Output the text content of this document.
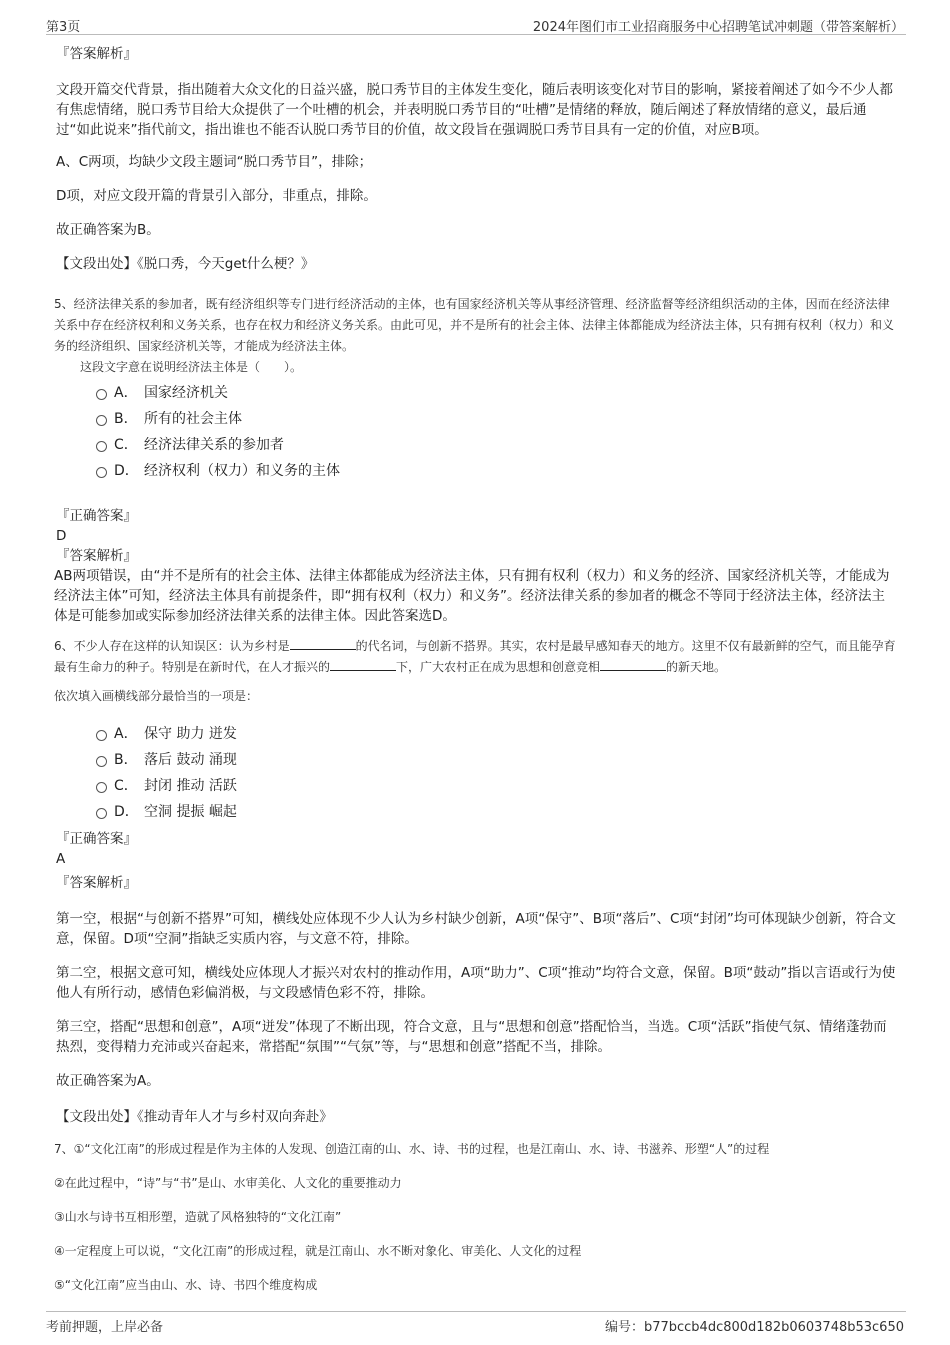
第3页	2024年图们市工业招商服务中心招聘笔试冲刺题（带答案解析）

『答案解析』

文段开篇交代背景，指出随着大众文化的日益兴盛，脱口秀节目的主体发生变化，随后表明该变化对节目的影响，紧接着阐述了如今不少人都有焦虑情绪，脱口秀节目给大众提供了一个吐槽的机会，并表明脱口秀节目的“吐槽”是情绪的释放，随后阐述了释放情绪的意义，最后通过“如此说来”指代前文，指出谁也不能否认脱口秀节目的价值，故文段旨在强调脱口秀节目具有一定的价值，对应B项。

A、C两项，均缺少文段主题词“脱口秀节目”，排除；

D项，对应文段开篇的背景引入部分，非重点，排除。

故正确答案为B。

【文段出处】《脱口秀，今天get什么梗？》

5、经济法律关系的参加者，既有经济组织等专门进行经济活动的主体，也有国家经济机关等从事经济管理、经济监督等经济组织活动的主体，因而在经济法律关系中存在经济权利和义务关系，也存在权力和经济义务关系。由此可见，并不是所有的社会主体、法律主体都能成为经济法主体，只有拥有权利（权力）和义务的经济组织、国家经济机关等，才能成为经济法主体。

这段文字意在说明经济法主体是（　　）。

A． 国家经济机关
B． 所有的社会主体
C． 经济法律关系的参加者
D． 经济权利（权力）和义务的主体

『正确答案』

D

『答案解析』

AB两项错误，由“并不是所有的社会主体、法律主体都能成为经济法主体，只有拥有权利（权力）和义务的经济、国家经济机关等，才能成为经济法主体”可知，经济法主体具有前提条件，即“拥有权利（权力）和义务”。经济法律关系的参加者的概念不等同于经济法主体，经济法主体是可能参加或实际参加经济法律关系的法律主体。因此答案选D。

6、不少人存在这样的认知误区：认为乡村是	的代名词，与创新不搭界。其实，农村是最早感知春天的地方。这里不仅有最新鲜的空气，而且能孕育最有生命力的种子。特别是在新时代，在人才振兴的	下，广大农村正在成为思想和创意竞相	的新天地。

依次填入画横线部分最恰当的一项是：

A． 保守 助力 迸发
B． 落后 鼓动 涌现
C． 封闭 推动 活跃
D． 空洞 提振 崛起

『正确答案』

A

『答案解析』

第一空，根据“与创新不搭界”可知，横线处应体现不少人认为乡村缺少创新，A项“保守”、B项“落后”、C项“封闭”均可体现缺少创新，符合文意，保留。D项“空洞”指缺乏实质内容，与文意不符，排除。

第二空，根据文意可知，横线处应体现人才振兴对农村的推动作用，A项“助力”、C项“推动”均符合文意，保留。B项“鼓动”指以言语或行为使他人有所行动，感情色彩偏消极，与文段感情色彩不符，排除。

第三空，搭配“思想和创意”，A项“迸发”体现了不断出现，符合文意，且与“思想和创意”搭配恰当，当选。C项“活跃”指使气氛、情绪蓬勃而热烈，变得精力充沛或兴奋起来，常搭配“氛围”“气氛”等，与“思想和创意”搭配不当，排除。

故正确答案为A。

【文段出处】《推动青年人才与乡村双向奔赴》

7、①“文化江南”的形成过程是作为主体的人发现、创造江南的山、水、诗、书的过程，也是江南山、水、诗、书滋养、形塑“人”的过程

②在此过程中，“诗”与“书”是山、水审美化、人文化的重要推动力

③山水与诗书互相形塑，造就了风格独特的“文化江南”

④一定程度上可以说，“文化江南”的形成过程，就是江南山、水不断对象化、审美化、人文化的过程

⑤“文化江南”应当由山、水、诗、书四个维度构成

考前押题，上岸必备	编号：b77bccb4dc800d182b0603748b53c650
